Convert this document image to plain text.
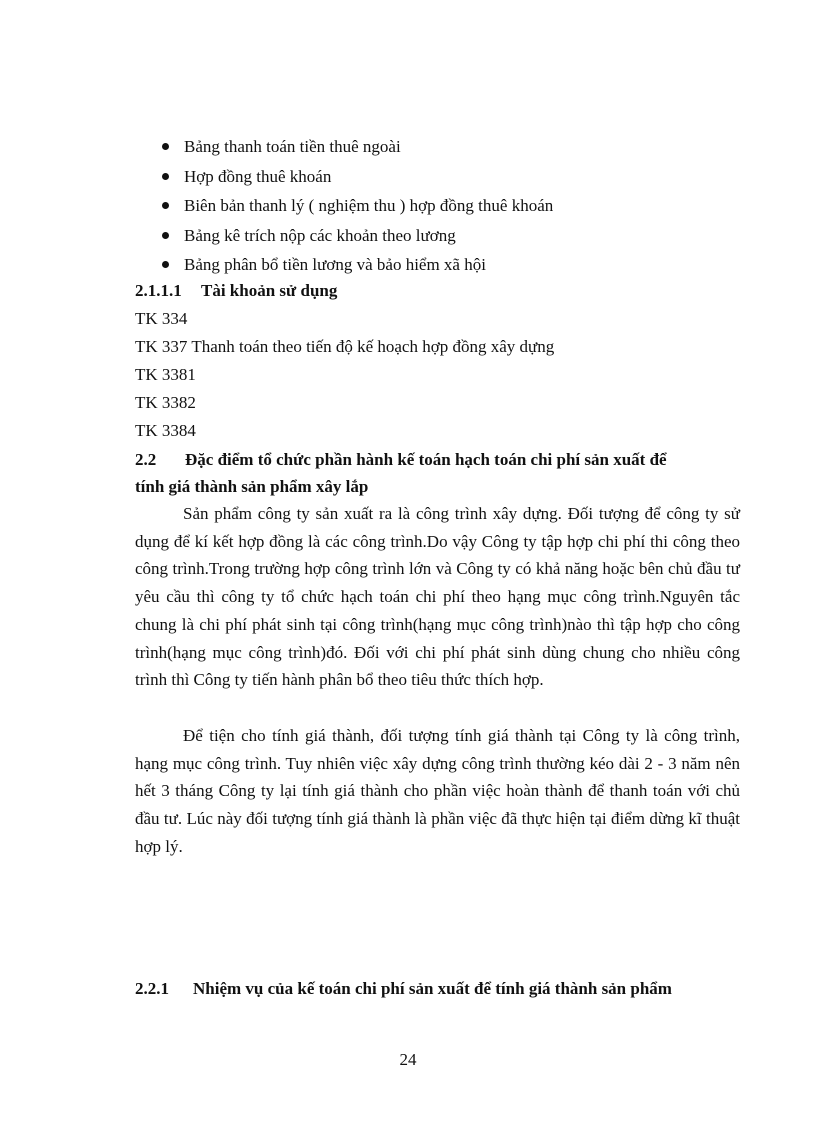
Bảng thanh toán tiền thuê ngoài
Hợp đồng thuê khoán
Biên bản thanh lý ( nghiệm thu ) hợp đồng thuê khoán
Bảng kê trích nộp các khoản theo lương
Bảng phân bổ tiền lương và bảo hiểm xã hội
2.1.1.1 Tài khoản sử dụng
TK 334
TK 337 Thanh toán theo tiến độ kế hoạch hợp đồng xây dựng
TK 3381
TK 3382
TK 3384
2.2 Đặc điểm tổ chức phần hành kế toán hạch toán chi phí sản xuất để
tính giá thành sản phẩm xây lắp

Sản phẩm công ty sản xuất ra là công trình xây dựng. Đối tượng để công ty sử dụng để kí kết hợp đồng là các công trình.Do vậy Công ty tập hợp chi phí thi công theo công trình.Trong trường hợp công trình lớn và Công ty có khả năng hoặc bên chủ đầu tư yêu cầu thì công ty tổ chức hạch toán chi phí theo hạng mục công trình.Nguyên tắc chung là chi phí phát sinh tại công trình(hạng mục công trình)nào thì tập hợp cho công trình(hạng mục công trình)đó. Đối với chi phí phát sinh dùng chung cho nhiều công trình thì Công ty tiến hành phân bổ theo tiêu thức thích hợp.

Để tiện cho tính giá thành, đối tượng tính giá thành tại Công ty là công trình, hạng mục công trình. Tuy nhiên việc xây dựng công trình thường kéo dài 2 - 3 năm nên hết 3 tháng Công ty lại tính giá thành cho phần việc hoàn thành để thanh toán với chủ đầu tư. Lúc này đối tượng tính giá thành là phần việc đã thực hiện tại điểm dừng kĩ thuật hợp lý.

2.2.1 Nhiệm vụ của kế toán chi phí sản xuất để tính giá thành sản phẩm
24
